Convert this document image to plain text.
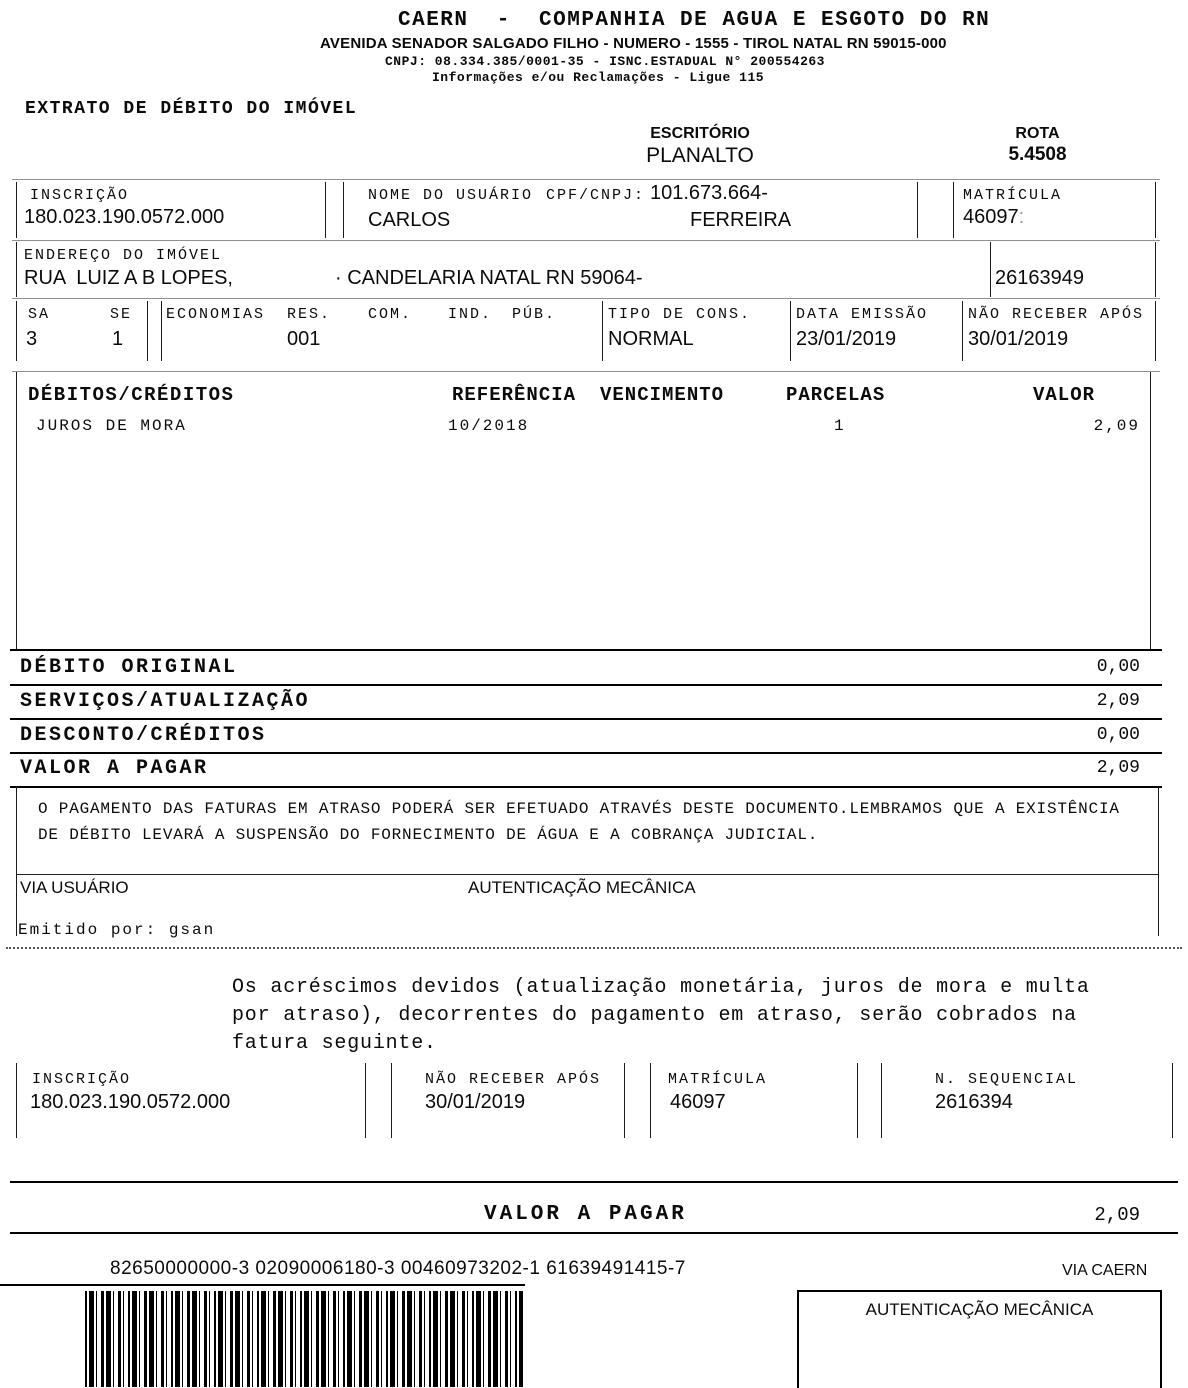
CAERN  -  COMPANHIA DE AGUA E ESGOTO DO RN
AVENIDA SENADOR SALGADO FILHO - NUMERO - 1555 - TIROL NATAL RN 59015-000
CNPJ: 08.334.385/0001-35 - ISNC.ESTADUAL N° 200554263
Informações e/ou Reclamações - Ligue 115
EXTRATO DE DÉBITO DO IMÓVEL
ESCRITÓRIO
PLANALTO
ROTA
5.4508
INSCRIÇÃO
180.023.190.0572.000
NOME DO USUÁRIO CPF/CNPJ: 101.673.664-
CARLOS	FERREIRA
MATRÍCULA
46097:
ENDEREÇO DO IMÓVEL
RUA  LUIZ A B LOPES,	· CANDELARIA NATAL RN 59064-	26163949
SA	SE ECONOMIAS RES. COM. IND. PÚB.	TIPO DE CONS.	DATA EMISSÃO	NÃO RECEBER APÓS
3	1	001	NORMAL	23/01/2019	30/01/2019
DÉBITOS/CRÉDITOS	REFERÊNCIA VENCIMENTO	PARCELAS	VALOR
JUROS DE MORA	10/2018	1	2,09
DÉBITO ORIGINAL	0,00
SERVIÇOS/ATUALIZAÇÃO	2,09
DESCONTO/CRÉDITOS	0,00
VALOR A PAGAR	2,09
O PAGAMENTO DAS FATURAS EM ATRASO PODERÁ SER EFETUADO ATRAVÉS DESTE DOCUMENTO.LEMBRAMOS QUE A EXISTÊNCIA
DE DÉBITO LEVARÁ A SUSPENSÃO DO FORNECIMENTO DE ÁGUA E A COBRANÇA JUDICIAL.
VIA USUÁRIO	AUTENTICAÇÃO MECÂNICA
Emitido por: gsan
Os acréscimos devidos (atualização monetária, juros de mora e multa
por atraso), decorrentes do pagamento em atraso, serão cobrados na
fatura seguinte.
INSCRIÇÃO
180.023.190.0572.000
NÃO RECEBER APÓS
30/01/2019
MATRÍCULA
46097
N. SEQUENCIAL
2616394
VALOR A PAGAR	2,09
82650000000-3 02090006180-3 00460973202-1 61639491415-7	VIA CAERN
AUTENTICAÇÃO MECÂNICA
